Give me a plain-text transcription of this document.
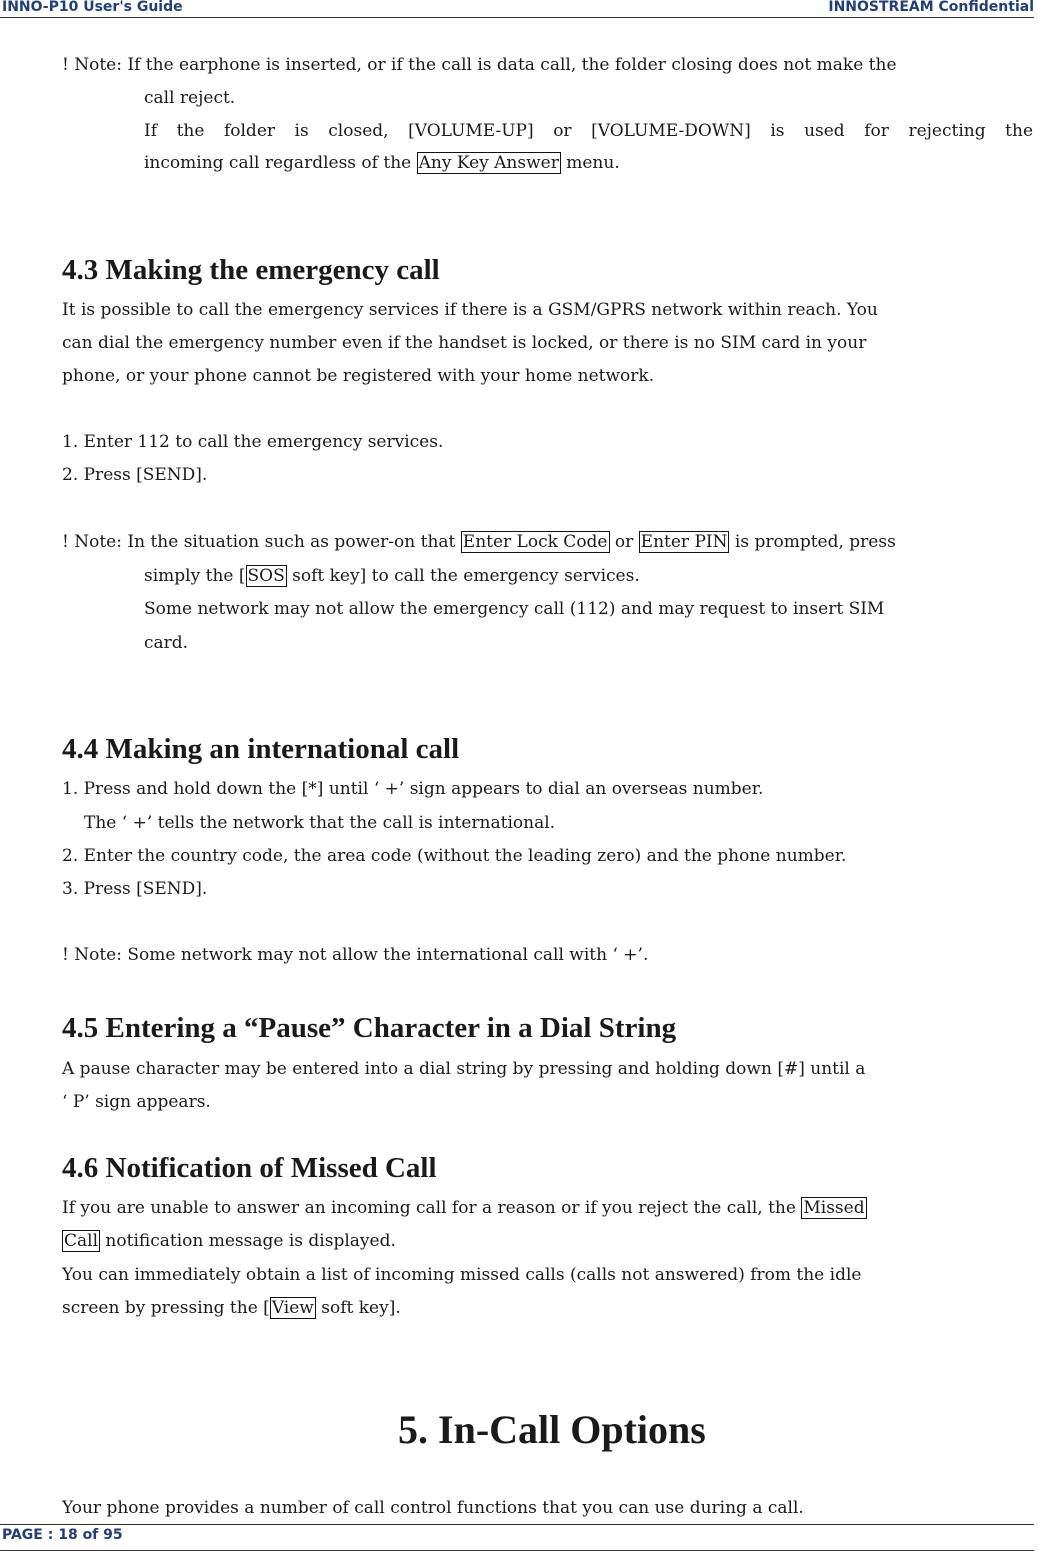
INNO-P10 User's Guide	INNOSTREAM Confidential
! Note: If the earphone is inserted, or if the call is data call, the folder closing does not make the
call reject.
If the folder is closed, [VOLUME-UP] or [VOLUME-DOWN] is used for rejecting the
incoming call regardless of the Any Key Answer menu.
4.3 Making the emergency call
It is possible to call the emergency services if there is a GSM/GPRS network within reach. You
can dial the emergency number even if the handset is locked, or there is no SIM card in your
phone, or your phone cannot be registered with your home network.
1. Enter 112 to call the emergency services.
2. Press [SEND].
! Note: In the situation such as power-on that Enter Lock Code or Enter PIN is prompted, press
simply the [ SOS soft key] to call the emergency services.
Some network may not allow the emergency call (112) and may request to insert SIM
card.
4.4 Making an international call
1. Press and hold down the [*] until ‘ +’ sign appears to dial an overseas number.
The ‘ +’ tells the network that the call is international.
2. Enter the country code, the area code (without the leading zero) and the phone number.
3. Press [SEND].
! Note: Some network may not allow the international call with ‘ +’.
4.5 Entering a “Pause” Character in a Dial String
A pause character may be entered into a dial string by pressing and holding down [#] until a
‘ P’ sign appears.
4.6 Notification of Missed Call
If you are unable to answer an incoming call for a reason or if you reject the call, the Missed
Call notification message is displayed.
You can immediately obtain a list of incoming missed calls (calls not answered) from the idle
screen by pressing the [ View soft key].
5. In-Call Options
Your phone provides a number of call control functions that you can use during a call.
PAGE : 18 of 95
